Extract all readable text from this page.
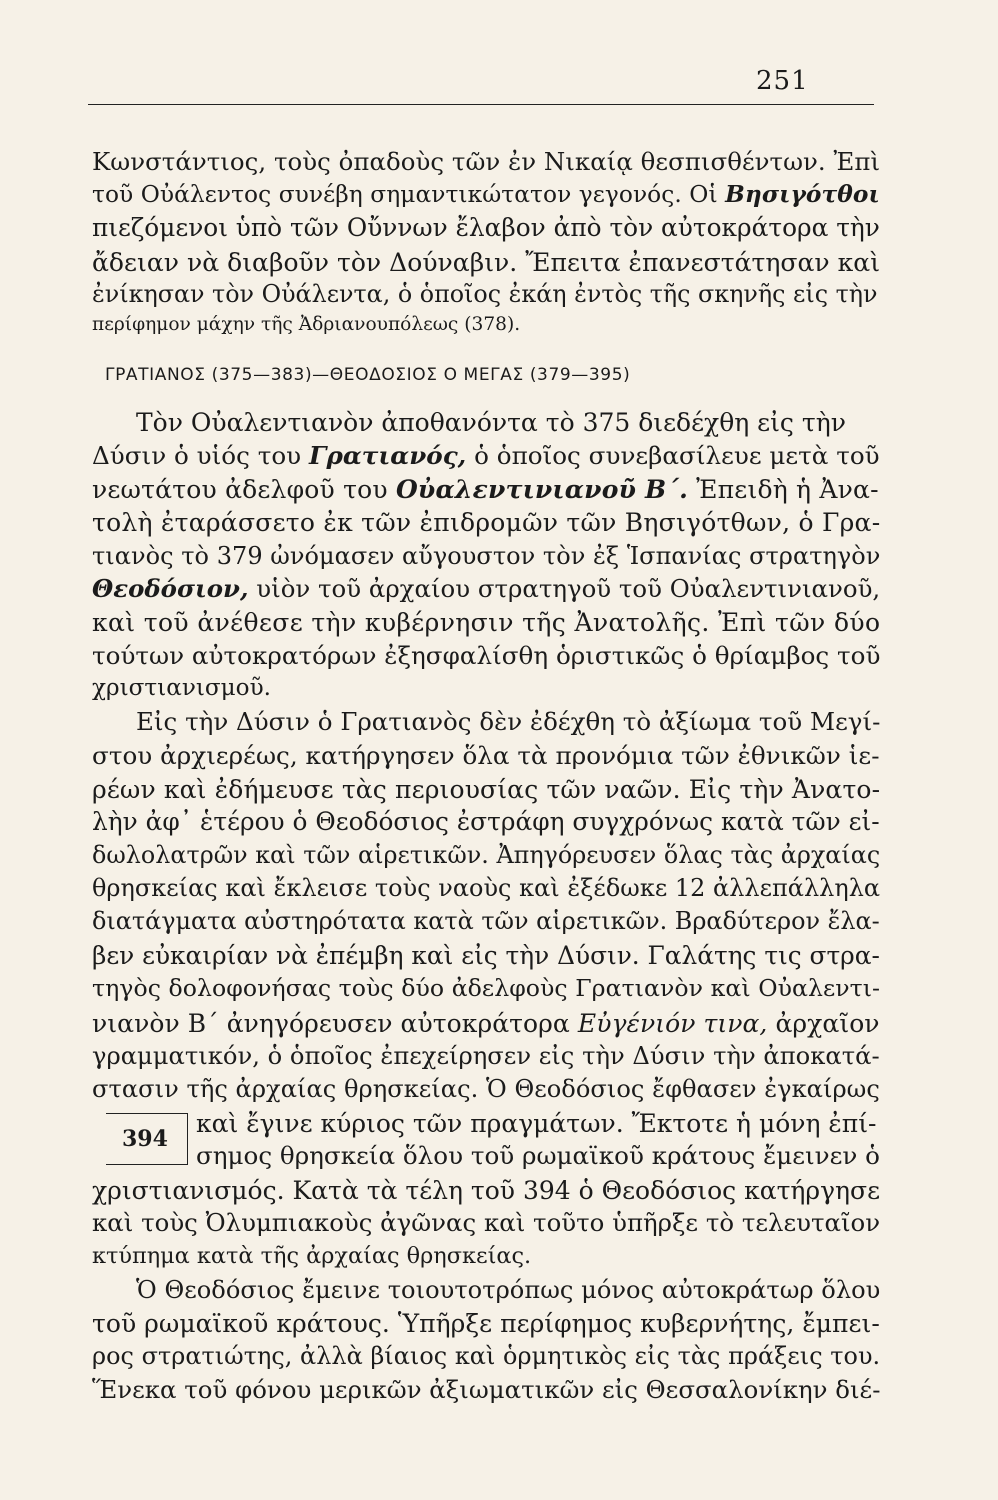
251
Κωνστάντιος, τοὺς ὀπαδοὺς τῶν ἐν Νικαίᾳ θεσπισθέντων. Ἐπὶ
τοῦ Οὐάλεντος συνέβη σημαντικώτατον γεγονός. Οἱ Βησιγότθοι
πιεζόμενοι ὑπὸ τῶν Οὔννων ἔλαβον ἀπὸ τὸν αὐτοκράτορα τὴν
ἄδειαν νὰ διαβοῦν τὸν Δούναβιν. Ἔπειτα ἐπανεστάτησαν καὶ
ἐνίκησαν τὸν Οὐάλεντα, ὁ ὁποῖος ἐκάη ἐντὸς τῆς σκηνῆς εἰς τὴν
περίφημον μάχην τῆς Ἀδριανουπόλεως (378).
ΓΡΑΤΙΑΝΟΣ (375—383)—ΘΕΟΔΟΣΙΟΣ Ο ΜΕΓΑΣ (379—395)
Τὸν Οὐαλεντιανὸν ἀποθανόντα τὸ 375 διεδέχθη εἰς τὴν
Δύσιν ὁ υἱός του Γρατιανός, ὁ ὁποῖος συνεβασίλευε μετὰ τοῦ
νεωτάτου ἀδελφοῦ του Οὐαλεντινιανοῦ Β΄. Ἐπειδὴ ἡ Ἀνα-
τολὴ ἐταράσσετο ἐκ τῶν ἐπιδρομῶν τῶν Βησιγότθων, ὁ Γρα-
τιανὸς τὸ 379 ὠνόμασεν αὔγουστον τὸν ἐξ Ἱσπανίας στρατηγὸν
Θεοδόσιον, υἱὸν τοῦ ἀρχαίου στρατηγοῦ τοῦ Οὐαλεντινιανοῦ,
καὶ τοῦ ἀνέθεσε τὴν κυβέρνησιν τῆς Ἀνατολῆς. Ἐπὶ τῶν δύο
τούτων αὐτοκρατόρων ἐξησφαλίσθη ὁριστικῶς ὁ θρίαμβος τοῦ
χριστιανισμοῦ.
Εἰς τὴν Δύσιν ὁ Γρατιανὸς δὲν ἐδέχθη τὸ ἀξίωμα τοῦ Μεγί-
στου ἀρχιερέως, κατήργησεν ὅλα τὰ προνόμια τῶν ἐθνικῶν ἱε-
ρέων καὶ ἐδήμευσε τὰς περιουσίας τῶν ναῶν. Εἰς τὴν Ἀνατο-
λὴν ἀφ᾽ ἑτέρου ὁ Θεοδόσιος ἐστράφη συγχρόνως κατὰ τῶν εἰ-
δωλολατρῶν καὶ τῶν αἱρετικῶν. Ἀπηγόρευσεν ὅλας τὰς ἀρχαίας
θρησκείας καὶ ἔκλεισε τοὺς ναοὺς καὶ ἐξέδωκε 12 ἀλλεπάλληλα
διατάγματα αὐστηρότατα κατὰ τῶν αἱρετικῶν. Βραδύτερον ἔλα-
βεν εὐκαιρίαν νὰ ἐπέμβη καὶ εἰς τὴν Δύσιν. Γαλάτης τις στρα-
τηγὸς δολοφονήσας τοὺς δύο ἀδελφοὺς Γρατιανὸν καὶ Οὐαλεντι-
νιανὸν Β΄ ἀνηγόρευσεν αὐτοκράτορα Εὐγένιόν τινα, ἀρχαῖον
γραμματικόν, ὁ ὁποῖος ἐπεχείρησεν εἰς τὴν Δύσιν τὴν ἀποκατά-
στασιν τῆς ἀρχαίας θρησκείας. Ὁ Θεοδόσιος ἔφθασεν ἐγκαίρως
394
καὶ ἔγινε κύριος τῶν πραγμάτων. Ἔκτοτε ἡ μόνη ἐπί-
σημος θρησκεία ὅλου τοῦ ρωμαϊκοῦ κράτους ἔμεινεν ὁ
χριστιανισμός. Κατὰ τὰ τέλη τοῦ 394 ὁ Θεοδόσιος κατήργησε
καὶ τοὺς Ὀλυμπιακοὺς ἀγῶνας καὶ τοῦτο ὑπῆρξε τὸ τελευταῖον
κτύπημα κατὰ τῆς ἀρχαίας θρησκείας.
Ὁ Θεοδόσιος ἔμεινε τοιουτοτρόπως μόνος αὐτοκράτωρ ὅλου
τοῦ ρωμαϊκοῦ κράτους. Ὑπῆρξε περίφημος κυβερνήτης, ἔμπει-
ρος στρατιώτης, ἀλλὰ βίαιος καὶ ὁρμητικὸς εἰς τὰς πράξεις του.
Ἕνεκα τοῦ φόνου μερικῶν ἀξιωματικῶν εἰς Θεσσαλονίκην διέ-
